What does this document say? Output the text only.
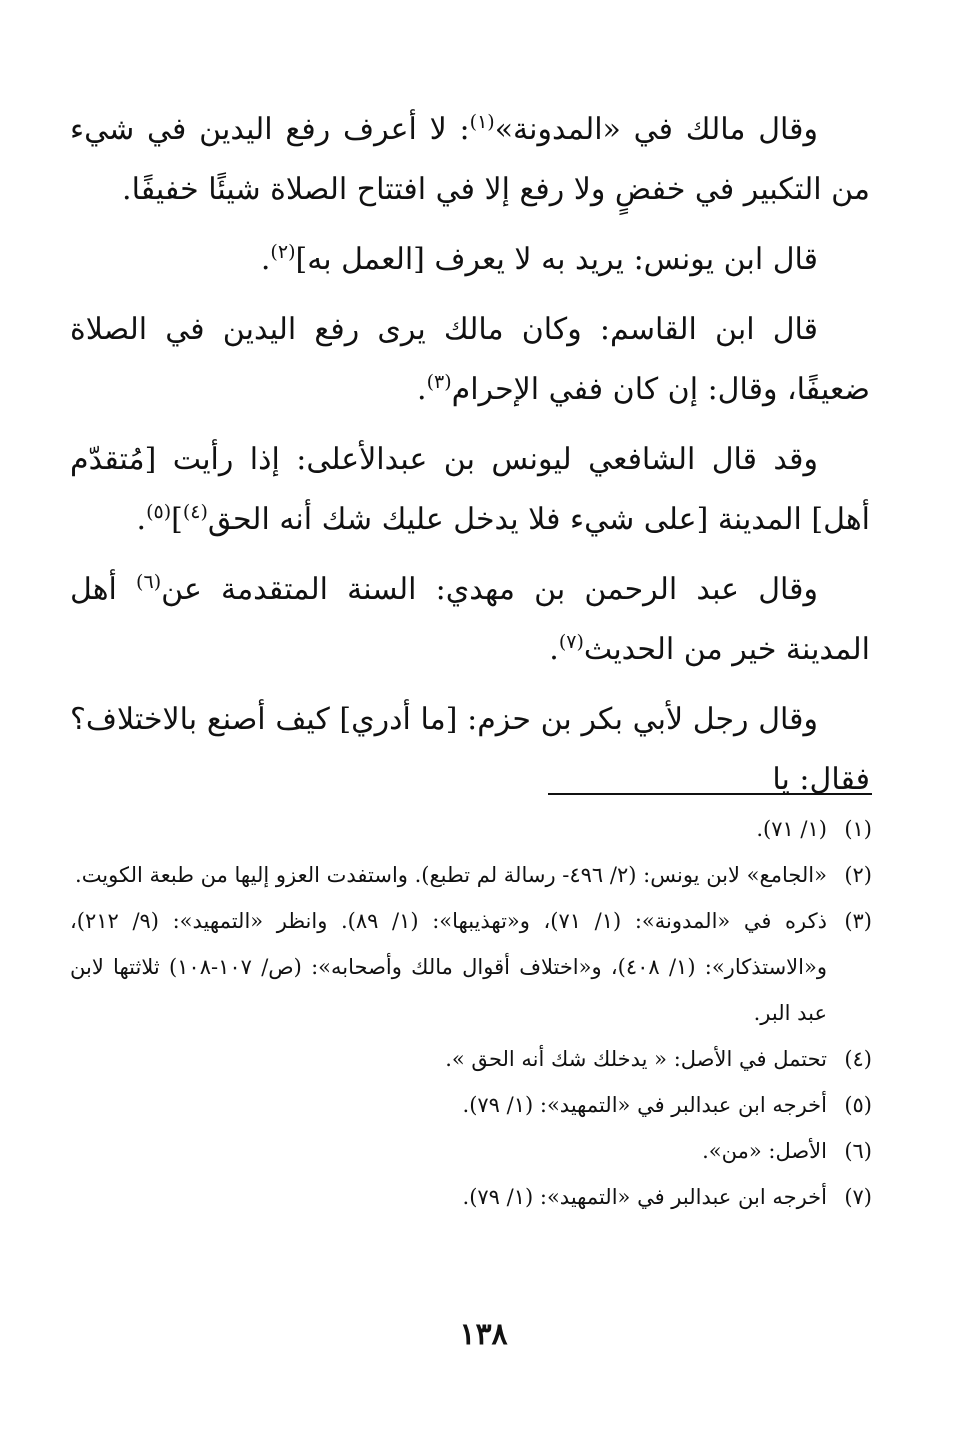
وقال مالك في «المدونة»$^{(١)}$: لا أعرف رفع اليدين في شيء من التكبير في خفضٍ ولا رفع إلا في افتتاح الصلاة شيئًا خفيفًا.

قال ابن يونس: يريد به لا يعرف [العمل به]$^{(٢)}$.

قال ابن القاسم: وكان مالك يرى رفع اليدين في الصلاة ضعيفًا، وقال: إن كان ففي الإحرام$^{(٣)}$.

وقد قال الشافعي ليونس بن عبدالأعلى: إذا رأيت [مُتقدّم أهل] المدينة [على شيء فلا يدخل عليك شك أنه الحق$^{(٤)}$]$^{(٥)}$.

وقال عبد الرحمن بن مهدي: السنة المتقدمة عن$^{(٦)}$ أهل المدينة خير من الحديث$^{(٧)}$.

وقال رجل لأبي بكر بن حزم: [ما أدري] كيف أصنع بالاختلاف؟ فقال: يا

(١)
(١/ ٧١).
(٢)
«الجامع» لابن يونس: (٢/ ٤٩٦- رسالة لم تطبع). واستفدت العزو إليها من طبعة الكويت.
(٣)
ذكره في «المدونة»: (١/ ٧١)، و«تهذيبها»: (١/ ٨٩). وانظر «التمهيد»: (٩/ ٢١٢)، و«الاستذكار»: (١/ ٤٠٨)، و«اختلاف أقوال مالك وأصحابه»: (ص/ ١٠٧-١٠٨) ثلاثتها لابن عبد البر.
(٤)
تحتمل في الأصل: « يدخلك شك أنه الحق ».
(٥)
أخرجه ابن عبدالبر في «التمهيد»: (١/ ٧٩).
(٦)
الأصل: «من».
(٧)
أخرجه ابن عبدالبر في «التمهيد»: (١/ ٧٩).
١٣٨
